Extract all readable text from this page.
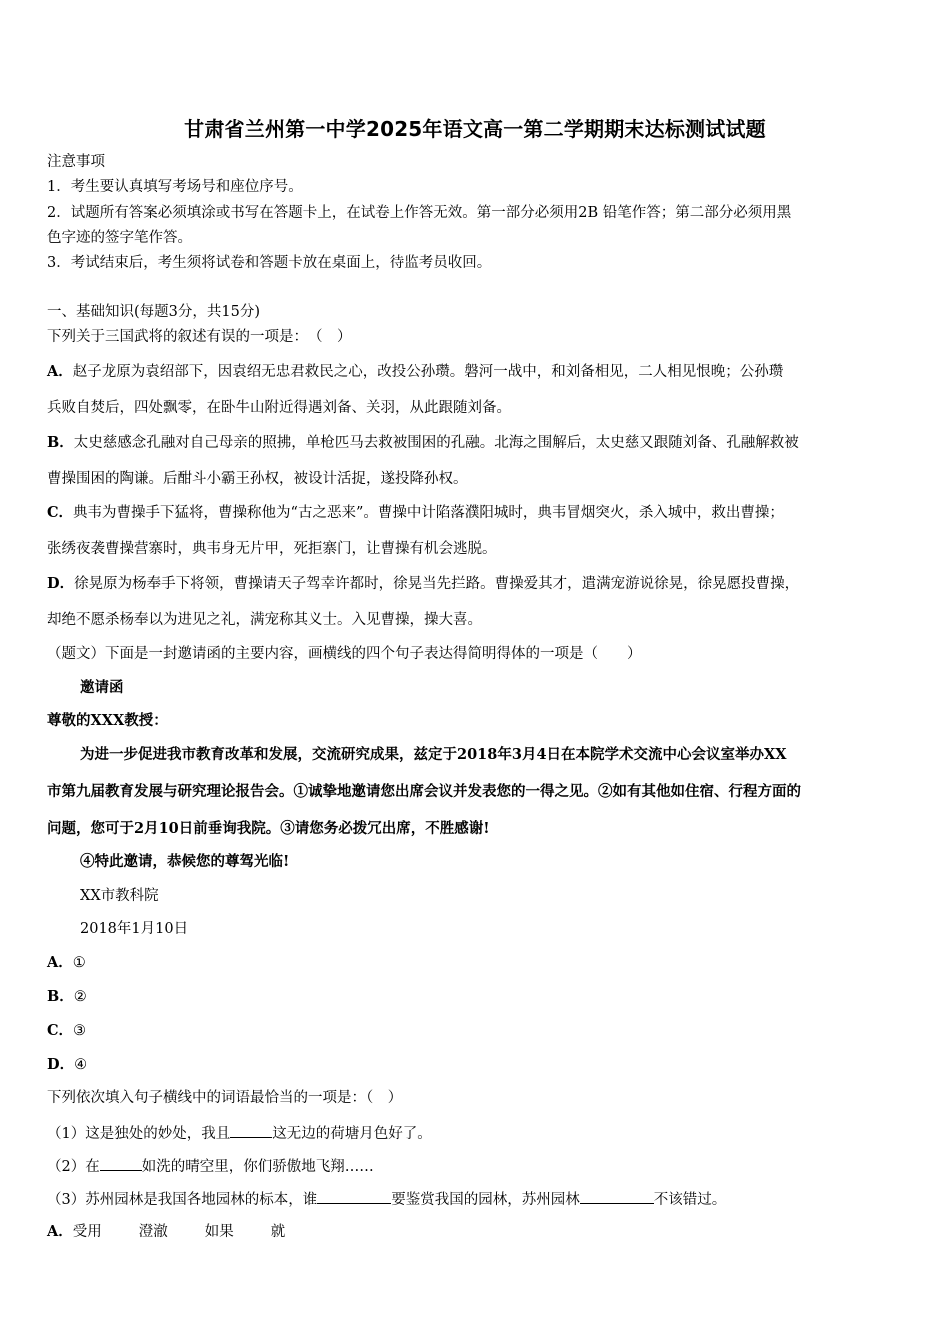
甘肃省兰州第一中学2025年语文高一第二学期期末达标测试试题
注意事项
1．考生要认真填写考场号和座位序号。
2．试题所有答案必须填涂或书写在答题卡上，在试卷上作答无效。第一部分必须用2B 铅笔作答；第二部分必须用黑
色字迹的签字笔作答。
3．考试结束后，考生须将试卷和答题卡放在桌面上，待监考员收回。
一、基础知识(每题3分，共15分)
下列关于三国武将的叙述有误的一项是：　（　）
A．赵子龙原为袁绍部下，因袁绍无忠君救民之心，改投公孙瓒。磐河一战中，和刘备相见，二人相见恨晚；公孙瓒
兵败自焚后，四处飘零，在卧牛山附近得遇刘备、关羽，从此跟随刘备。
B．太史慈感念孔融对自己母亲的照拂，单枪匹马去救被围困的孔融。北海之围解后，太史慈又跟随刘备、孔融解救被
曹操围困的陶谦。后酣斗小霸王孙权，被设计活捉，遂投降孙权。
C．典韦为曹操手下猛将，曹操称他为“古之恶来”。曹操中计陷落濮阳城时，典韦冒烟突火，杀入城中，救出曹操；
张绣夜袭曹操营寨时，典韦身无片甲，死拒寨门，让曹操有机会逃脱。
D．徐晃原为杨奉手下将领，曹操请天子驾幸许都时，徐晃当先拦路。曹操爱其才，遣满宠游说徐晃，徐晃愿投曹操，
却绝不愿杀杨奉以为进见之礼，满宠称其义士。入见曹操，操大喜。
（题文）下面是一封邀请函的主要内容，画横线的四个句子表达得简明得体的一项是（　　）
邀请函
尊敬的XXX教授：
为进一步促进我市教育改革和发展，交流研究成果，兹定于2018年3月4日在本院学术交流中心会议室举办XX
市第九届教育发展与研究理论报告会。①诚挚地邀请您出席会议并发表您的一得之见。②如有其他如住宿、行程方面的
问题，您可于2月10日前垂询我院。③请您务必拨冗出席，不胜感谢!
④特此邀请，恭候您的尊驾光临!
XX市教科院
2018年1月10日
A．①
B．②
C．③
D．④
下列依次填入句子横线中的词语最恰当的一项是：（　）
（1）这是独处的妙处，我且	这无边的荷塘月色好了。
（2）在	如洗的晴空里，你们骄傲地飞翔……
（3）苏州园林是我国各地园林的标本，谁	要鉴赏我国的园林，苏州园林	不该错过。
A．受用	澄澈	如果	就
